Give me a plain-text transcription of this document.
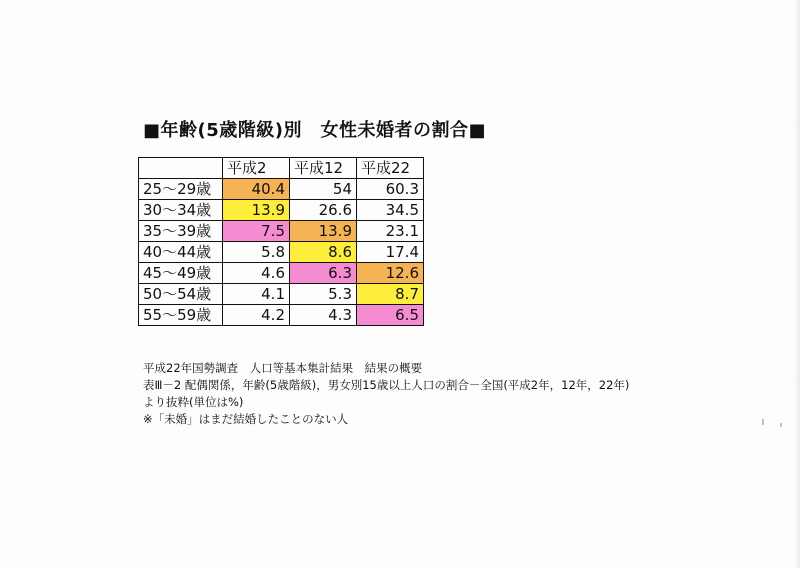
■年齢(5歳階級)別　女性未婚者の割合■
	平成2	平成12	平成22
25～29歳	40.4	54	60.3
30～34歳	13.9	26.6	34.5
35～39歳	7.5	13.9	23.1
40～44歳	5.8	8.6	17.4
45～49歳	4.6	6.3	12.6
50～54歳	4.1	5.3	8.7
55～59歳	4.2	4.3	6.5
平成22年国勢調査　人口等基本集計結果　結果の概要
表Ⅲ－2 配偶関係，年齢(5歳階級)，男女別15歳以上人口の割合－全国(平成2年，12年，22年)
より抜粋(単位は%)
※「未婚」はまだ結婚したことのない人
